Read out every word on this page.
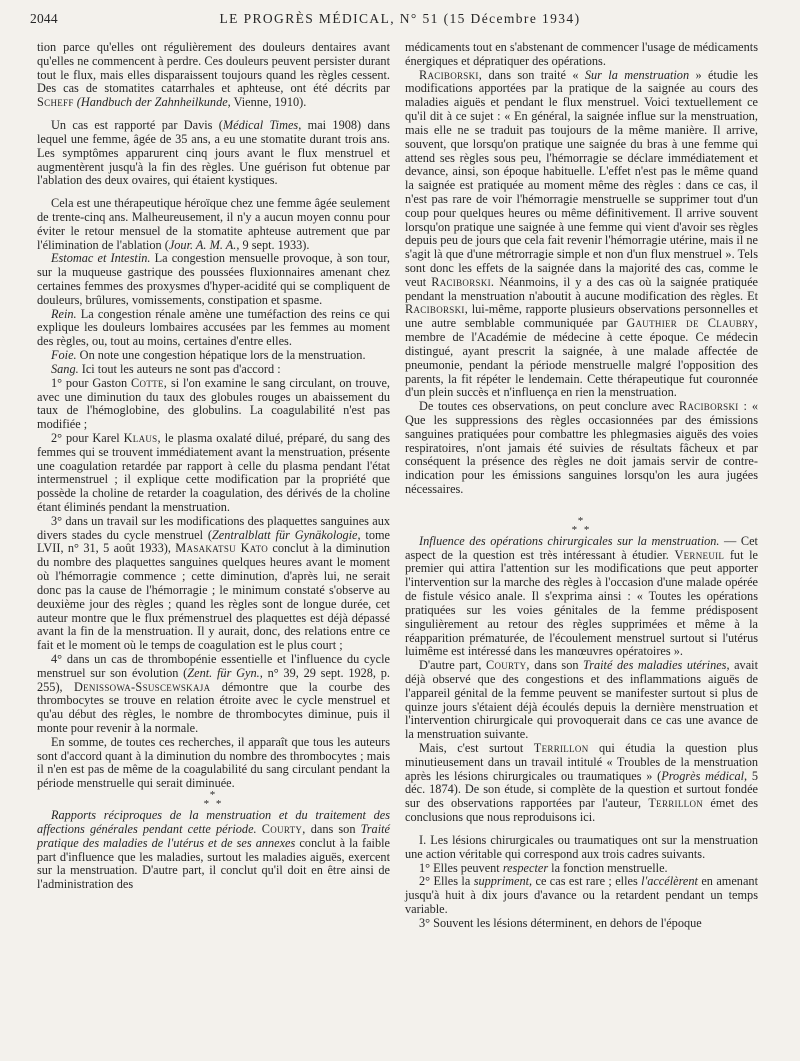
2044	LE PROGRÈS MÉDICAL, N° 51 (15 Décembre 1934)

tion parce qu'elles ont régulièrement des douleurs dentaires avant qu'elles ne commencent à perdre. Ces douleurs peuvent persister durant tout le flux, mais elles disparaissent toujours quand les règles cessent. Des cas de stomatites catarrhales et aphteuse, ont été décrits par Scheff (Handbuch der Zahnheilkunde, Vienne, 1910).

Un cas est rapporté par Davis (Médical Times, mai 1908) dans lequel une femme, âgée de 35 ans, a eu une stomatite durant trois ans. Les symptômes apparurent cinq jours avant le flux menstruel et augmentèrent jusqu'à la fin des règles. Une guérison fut obtenue par l'ablation des deux ovaires, qui étaient kystiques.

Cela est une thérapeutique héroïque chez une femme âgée seulement de trente-cinq ans. Malheureusement, il n'y a aucun moyen connu pour éviter le retour mensuel de la stomatite aphteuse autrement que par l'élimination de l'ablation (Jour. A. M. A., 9 sept. 1933).

Estomac et Intestin. La congestion mensuelle provoque, à son tour, sur la muqueuse gastrique des poussées fluxionnaires amenant chez certaines femmes des proxysmes d'hyper-acidité qui se compliquent de douleurs, brûlures, vomissements, constipation et spasme.

Rein. La congestion rénale amène une tuméfaction des reins ce qui explique les douleurs lombaires accusées par les femmes au moment des règles, ou, tout au moins, certaines d'entre elles.

Foie. On note une congestion hépatique lors de la menstruation.

Sang. Ici tout les auteurs ne sont pas d'accord :

1° pour Gaston Cotte, si l'on examine le sang circulant, on trouve, avec une diminution du taux des globules rouges un abaissement du taux de l'hémoglobine, des globulins. La coagulabilité n'est pas modifiée ;

2° pour Karel Klaus, le plasma oxalaté dilué, préparé, du sang des femmes qui se trouvent immédiatement avant la menstruation, présente une coagulation retardée par rapport à celle du plasma pendant l'état intermenstruel ; il explique cette modification par la propriété que possède la choline de retarder la coagulation, des dérivés de la choline étant éliminés pendant la menstruation.

3° dans un travail sur les modifications des plaquettes sanguines aux divers stades du cycle menstruel (Zentralblatt für Gynäkologie, tome LVII, n° 31, 5 août 1933), Masakatsu Kato conclut à la diminution du nombre des plaquettes sanguines quelques heures avant le moment où l'hémorragie commence ; cette diminution, d'après lui, ne serait donc pas la cause de l'hémorragie ; le minimum constaté s'observe au deuxième jour des règles ; quand les règles sont de longue durée, cet auteur montre que le flux prémenstruel des plaquettes est déjà dépassé avant la fin de la menstruation. Il y aurait, donc, des relations entre ce fait et le moment où le temps de coagulation est le plus court ;

4° dans un cas de thrombopénie essentielle et l'influence du cycle menstruel sur son évolution (Zent. für Gyn., n° 39, 29 sept. 1928, p. 255), Denissowa-Ssuscewskaja démontre que la courbe des thrombocytes se trouve en relation étroite avec le cycle menstruel et qu'au début des règles, le nombre de thrombocytes diminue, puis il monte pour revenir à la normale.

En somme, de toutes ces recherches, il apparaît que tous les auteurs sont d'accord quant à la diminution du nombre des thrombocytes ; mais il n'en est pas de même de la coagulabilité du sang circulant pendant la période menstruelle qui serait diminuée.

*
* *

Rapports réciproques de la menstruation et du traitement des affections générales pendant cette période. Courty, dans son Traité pratique des maladies de l'utérus et de ses annexes conclut à la faible part d'influence que les maladies, surtout les maladies aiguës, exercent sur la menstruation. D'autre part, il conclut qu'il doit en être ainsi de l'administration des

médicaments tout en s'abstenant de commencer l'usage de médicaments énergiques et dépratiquer des opérations.

Raciborski, dans son traité « Sur la menstruation » étudie les modifications apportées par la pratique de la saignée au cours des maladies aiguës et pendant le flux menstruel. Voici textuellement ce qu'il dit à ce sujet : « En général, la saignée influe sur la menstruation, mais elle ne se traduit pas toujours de la même manière. Il arrive, souvent, que lorsqu'on pratique une saignée du bras à une femme qui attend ses règles sous peu, l'hémorragie se déclare immédiatement et devance, ainsi, son époque habituelle. L'effet n'est pas le même quand la saignée est pratiquée au moment même des règles : dans ce cas, il n'est pas rare de voir l'hémorragie menstruelle se supprimer tout d'un coup pour quelques heures ou même définitivement. Il arrive souvent lorsqu'on pratique une saignée à une femme qui vient d'avoir ses règles depuis peu de jours que cela fait revenir l'hémorragie utérine, mais il ne s'agit là que d'une métrorragie simple et non d'un flux menstruel ». Tels sont donc les effets de la saignée dans la majorité des cas, comme le veut Raciborski. Néanmoins, il y a des cas où la saignée pratiquée pendant la menstruation n'aboutit à aucune modification des règles. Et Raciborski, lui-même, rapporte plusieurs observations personnelles et une autre semblable communiquée par Gauthier de Claubry, membre de l'Académie de médecine à cette époque. Ce médecin distingué, ayant prescrit la saignée, à une malade affectée de pneumonie, pendant la période menstruelle malgré l'opposition des parents, la fit répéter le lendemain. Cette thérapeutique fut couronnée d'un plein succès et n'influença en rien la menstruation.

De toutes ces observations, on peut conclure avec Raciborski : « Que les suppressions des règles occasionnées par des émissions sanguines pratiquées pour combattre les phlegmasies aiguës des voies respiratoires, n'ont jamais été suivies de résultats fâcheux et par conséquent la présence des règles ne doit jamais servir de contre-indication pour les émissions sanguines lorsqu'on les aura jugées nécessaires.

*
* *

Influence des opérations chirurgicales sur la menstruation. — Cet aspect de la question est très intéressant à étudier. Verneuil fut le premier qui attira l'attention sur les modifications que peut apporter l'intervention sur la marche des règles à l'occasion d'une malade opérée de fistule vésico anale. Il s'exprima ainsi : « Toutes les opérations pratiquées sur les voies génitales de la femme prédisposent singulièrement au retour des règles supprimées et même à la réapparition prématurée, de l'écoulement menstruel surtout si l'utérus luimême est intéressé dans les manœuvres opératoires ».

D'autre part, Courty, dans son Traité des maladies utérines, avait déjà observé que des congestions et des inflammations aiguës de l'appareil génital de la femme peuvent se manifester surtout si plus de quinze jours s'étaient déjà écoulés depuis la dernière menstruation et l'intervention chirurgicale qui provoquerait dans ce cas une avance de la menstruation suivante.

Mais, c'est surtout Terrillon qui étudia la question plus minutieusement dans un travail intitulé « Troubles de la menstruation après les lésions chirurgicales ou traumatiques » (Progrès médical, 5 déc. 1874). De son étude, si complète de la question et surtout fondée sur des observations rapportées par l'auteur, Terrillon émet des conclusions que nous reproduisons ici.

I. Les lésions chirurgicales ou traumatiques ont sur la menstruation une action véritable qui correspond aux trois cadres suivants.

1° Elles peuvent respecter la fonction menstruelle.

2° Elles la suppriment, ce cas est rare ; elles l'accélèrent en amenant jusqu'à huit à dix jours d'avance ou la retardent pendant un temps variable.

3° Souvent les lésions déterminent, en dehors de l'époque
